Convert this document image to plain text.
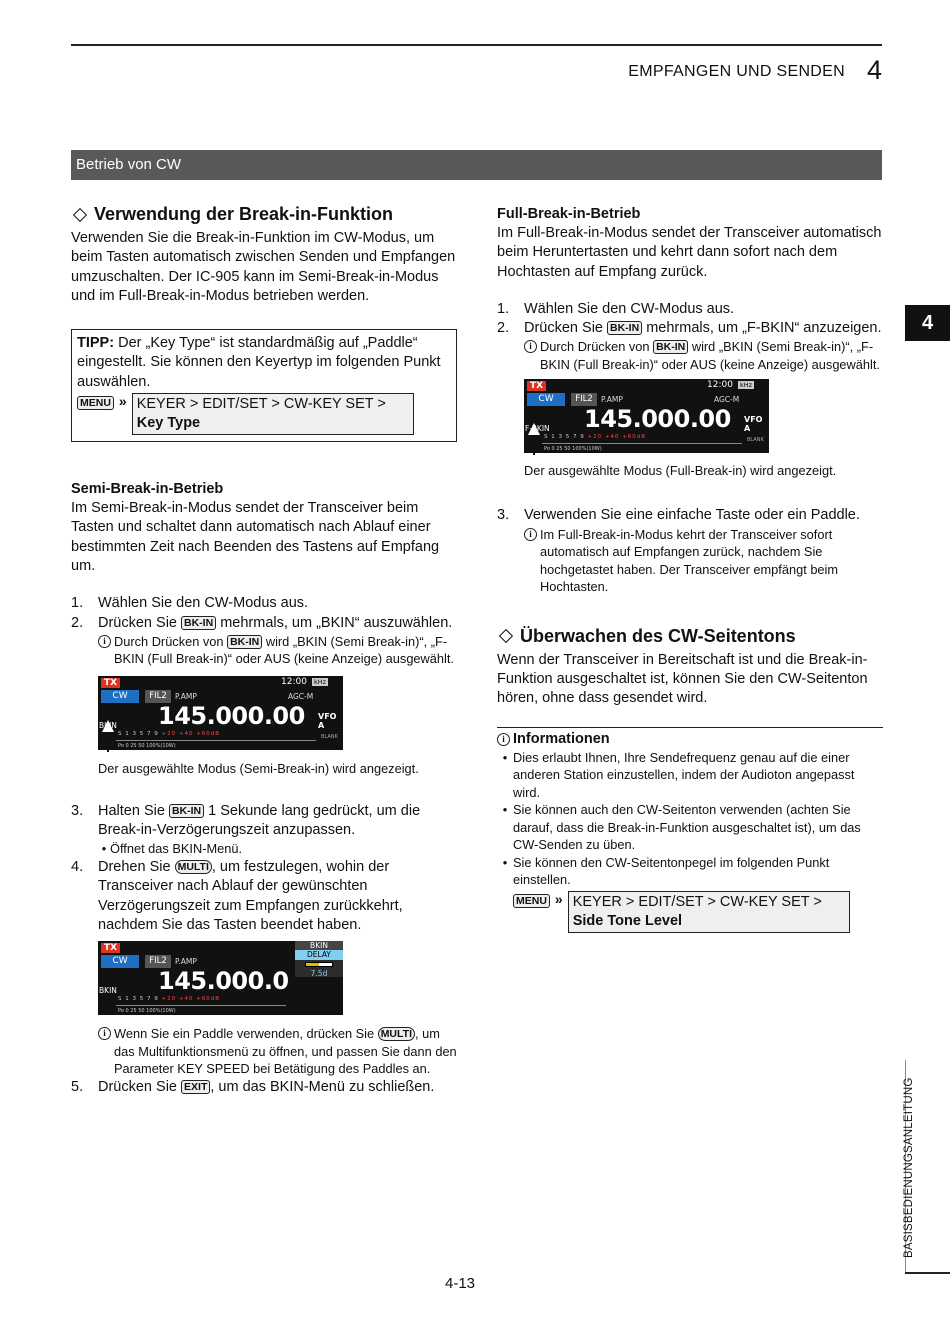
EMPFANGEN UND SENDEN 4
Betrieb von CW
4
BASISBEDIENUNGSANLEITUNG
4-13
Verwendung der Break-in-Funktion
Verwenden Sie die Break-in-Funktion im CW-Modus, um beim Tasten automatisch zwischen Senden und Empfangen umzuschalten. Der IC-905 kann im Semi-Break-in-Modus und im Full-Break-in-Modus betrieben werden.
TIPP: Der „Key Type“ ist standardmäßig auf „Paddle“ eingestellt. Sie können den Keyertyp im folgenden Punkt auswählen.
MENU » KEYER > EDIT/SET > CW-KEY SET >
Key Type
Semi-Break-in-Betrieb
Im Semi-Break-in-Modus sendet der Transceiver beim Tasten und schaltet dann automatisch nach Ablauf einer bestimmten Zeit nach Beenden des Tastens auf Empfang um.
1.	Wählen Sie den CW-Modus aus.
2.	Drücken Sie BK-IN mehrmals, um „BKIN“ auszuwählen.
i Durch Drücken von BK-IN wird „BKIN (Semi Break-in)“, „F-BKIN (Full Break-in)“ oder AUS (keine Anzeige) ausgewählt.
TX
CW	FIL2	P.AMP
12:00	kHz
AGC-M
BKIN 145.000.00 VFO A
BLANK
S 1 3 5 7 9 +20 +40 +60dB
Po 0 25 50 100%(10W)
Der ausgewählte Modus (Semi-Break-in) wird angezeigt.
3.	Halten Sie BK-IN 1 Sekunde lang gedrückt, um die Break-in-Verzögerungszeit anzupassen.
• Öffnet das BKIN-Menü.
4.	Drehen Sie MULTI , um festzulegen, wohin der Transceiver nach Ablauf der gewünschten Verzögerungszeit zum Empfangen zurückkehrt, nachdem Sie das Tasten beendet haben.
TX
CW	FIL2	P.AMP
BKIN 145.000.0
S 1 3 5 7 9 +20 +40 +60dB
Po 0 25 50 100%(10W)
BKIN
DELAY
7.5d
i Wenn Sie ein Paddle verwenden, drücken Sie MULTI , um das Multifunktionsmenü zu öffnen, und passen Sie dann den Parameter KEY SPEED bei Betätigung des Paddles an.
5.	Drücken Sie EXIT , um das BKIN-Menü zu schließen.
Full-Break-in-Betrieb
Im Full-Break-in-Modus sendet der Transceiver automatisch beim Heruntertasten und kehrt dann sofort nach dem Hochtasten auf Empfang zurück.
1.	Wählen Sie den CW-Modus aus.
2.	Drücken Sie BK-IN mehrmals, um „F-BKIN“ anzuzeigen.
i Durch Drücken von BK-IN wird „BKIN (Semi Break-in)“, „F-BKIN (Full Break-in)“ oder AUS (keine Anzeige) ausgewählt.
TX
CW	FIL2	P.AMP
12:00	kHz
AGC-M
F-BKIN 145.000.00 VFO A
BLANK
S 1 3 5 7 9 +20 +40 +60dB
Po 0 25 50 100%(10W)
Der ausgewählte Modus (Full-Break-in) wird angezeigt.
3.	Verwenden Sie eine einfache Taste oder ein Paddle.
i Im Full-Break-in-Modus kehrt der Transceiver sofort automatisch auf Empfangen zurück, nachdem Sie hochgetastet haben. Der Transceiver empfängt beim Hochtasten.
Überwachen des CW-Seitentons
Wenn der Transceiver in Bereitschaft ist und die Break-in-Funktion ausgeschaltet ist, können Sie den CW-Seitenton hören, ohne dass gesendet wird.
i Informationen
• Dies erlaubt Ihnen, Ihre Sendefrequenz genau auf die einer anderen Station einzustellen, indem der Audioton angepasst wird.
• Sie können auch den CW-Seitenton verwenden (achten Sie darauf, dass die Break-in-Funktion ausgeschaltet ist), um das CW-Senden zu üben.
• Sie können den CW-Seitentonpegel im folgenden Punkt einstellen.
MENU » KEYER > EDIT/SET > CW-KEY SET >
Side Tone Level
